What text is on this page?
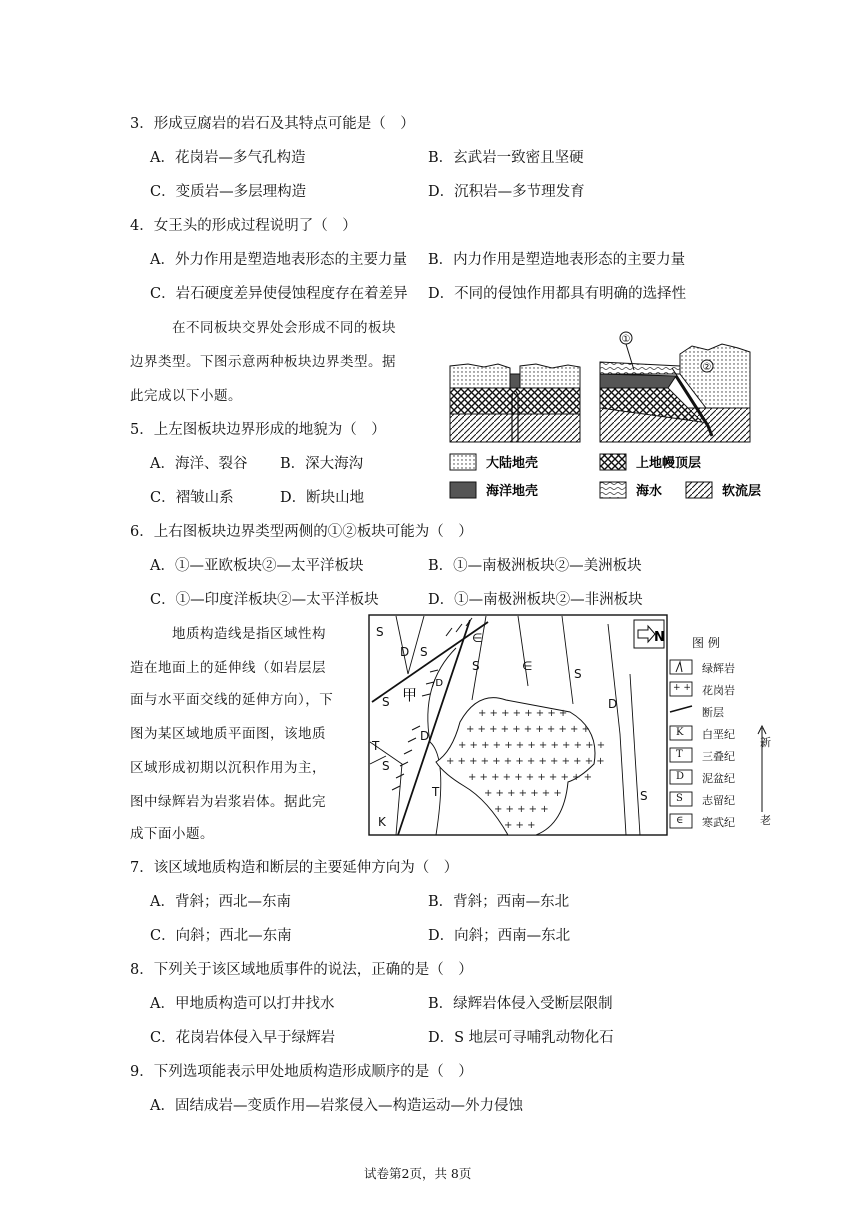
3．形成豆腐岩的岩石及其特点可能是（　）
A．花岗岩—多气孔构造	B．玄武岩一致密且坚硬
C．变质岩—多层理构造	D．沉积岩—多节理发育
4．女王头的形成过程说明了（　）
A．外力作用是塑造地表形态的主要力量 B．内力作用是塑造地表形态的主要力量
C．岩石硬度差异使侵蚀程度存在着差异 D．不同的侵蚀作用都具有明确的选择性
在不同板块交界处会形成不同的板块
边界类型。下图示意两种板块边界类型。据
此完成以下小题。
5．上左图板块边界形成的地貌为（　）
A．海洋、裂谷 B．深大海沟
C．褶皱山系	D．断块山地
①
②
大陆地壳	上地幔顶层
海洋地壳	海水	软流层
6．上右图板块边界类型两侧的①②板块可能为（　）
A．①—亚欧板块②—太平洋板块	B．①—南极洲板块②—美洲板块
C．①—印度洋板块②—太平洋板块	D．①—南极洲板块②—非洲板块
地质构造线是指区域性构
造在地面上的延伸线（如岩层层
面与水平面交线的延伸方向），下
图为某区域地质平面图，该地质
区域形成初期以沉积作用为主，
图中绿辉岩为岩浆岩体。据此完
成下面小题。
+ + + + + + + +
+ + + + + + + + + + +
+ + + + + + + + + + + + +
+ + + + + + + + + + + + + +
+ + + + + + + + + + +
+ + + + + + +
+ + + + +
+ + +
N
S
D S
∈
S	∈
S
D
S
S
T
D
T
S
K
甲
/D
图 例
+ +
K
T
D
S
∈
绿辉岩
花岗岩
断层
白垩纪
三叠纪
泥盆纪
志留纪
寒武纪
新
老
7．该区域地质构造和断层的主要延伸方向为（　）
A．背斜；西北—东南	B．背斜；西南—东北
C．向斜；西北—东南	D．向斜；西南—东北
8．下列关于该区域地质事件的说法，正确的是（　）
A．甲地质构造可以打井找水	B．绿辉岩体侵入受断层限制
C．花岗岩体侵入早于绿辉岩	D．S 地层可寻哺乳动物化石
9．下列选项能表示甲处地质构造形成顺序的是（　）
A．固结成岩—变质作用—岩浆侵入—构造运动—外力侵蚀
试卷第2页，共 8页
